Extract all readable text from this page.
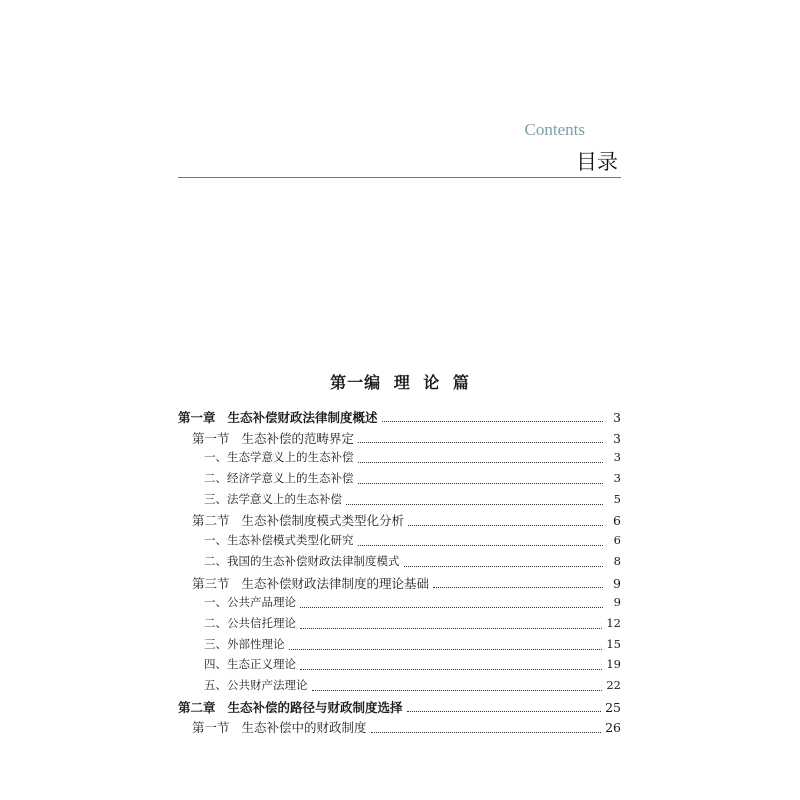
Contents
目录
第一编 理 论 篇
第一章 生态补偿财政法律制度概述	3
第一节 生态补偿的范畴界定	3
一、生态学意义上的生态补偿	3
二、经济学意义上的生态补偿	3
三、法学意义上的生态补偿	5
第二节 生态补偿制度模式类型化分析	6
一、生态补偿模式类型化研究	6
二、我国的生态补偿财政法律制度模式	8
第三节 生态补偿财政法律制度的理论基础	9
一、公共产品理论	9
二、公共信托理论	12
三、外部性理论	15
四、生态正义理论	19
五、公共财产法理论	22
第二章 生态补偿的路径与财政制度选择	25
第一节 生态补偿中的财政制度	26
